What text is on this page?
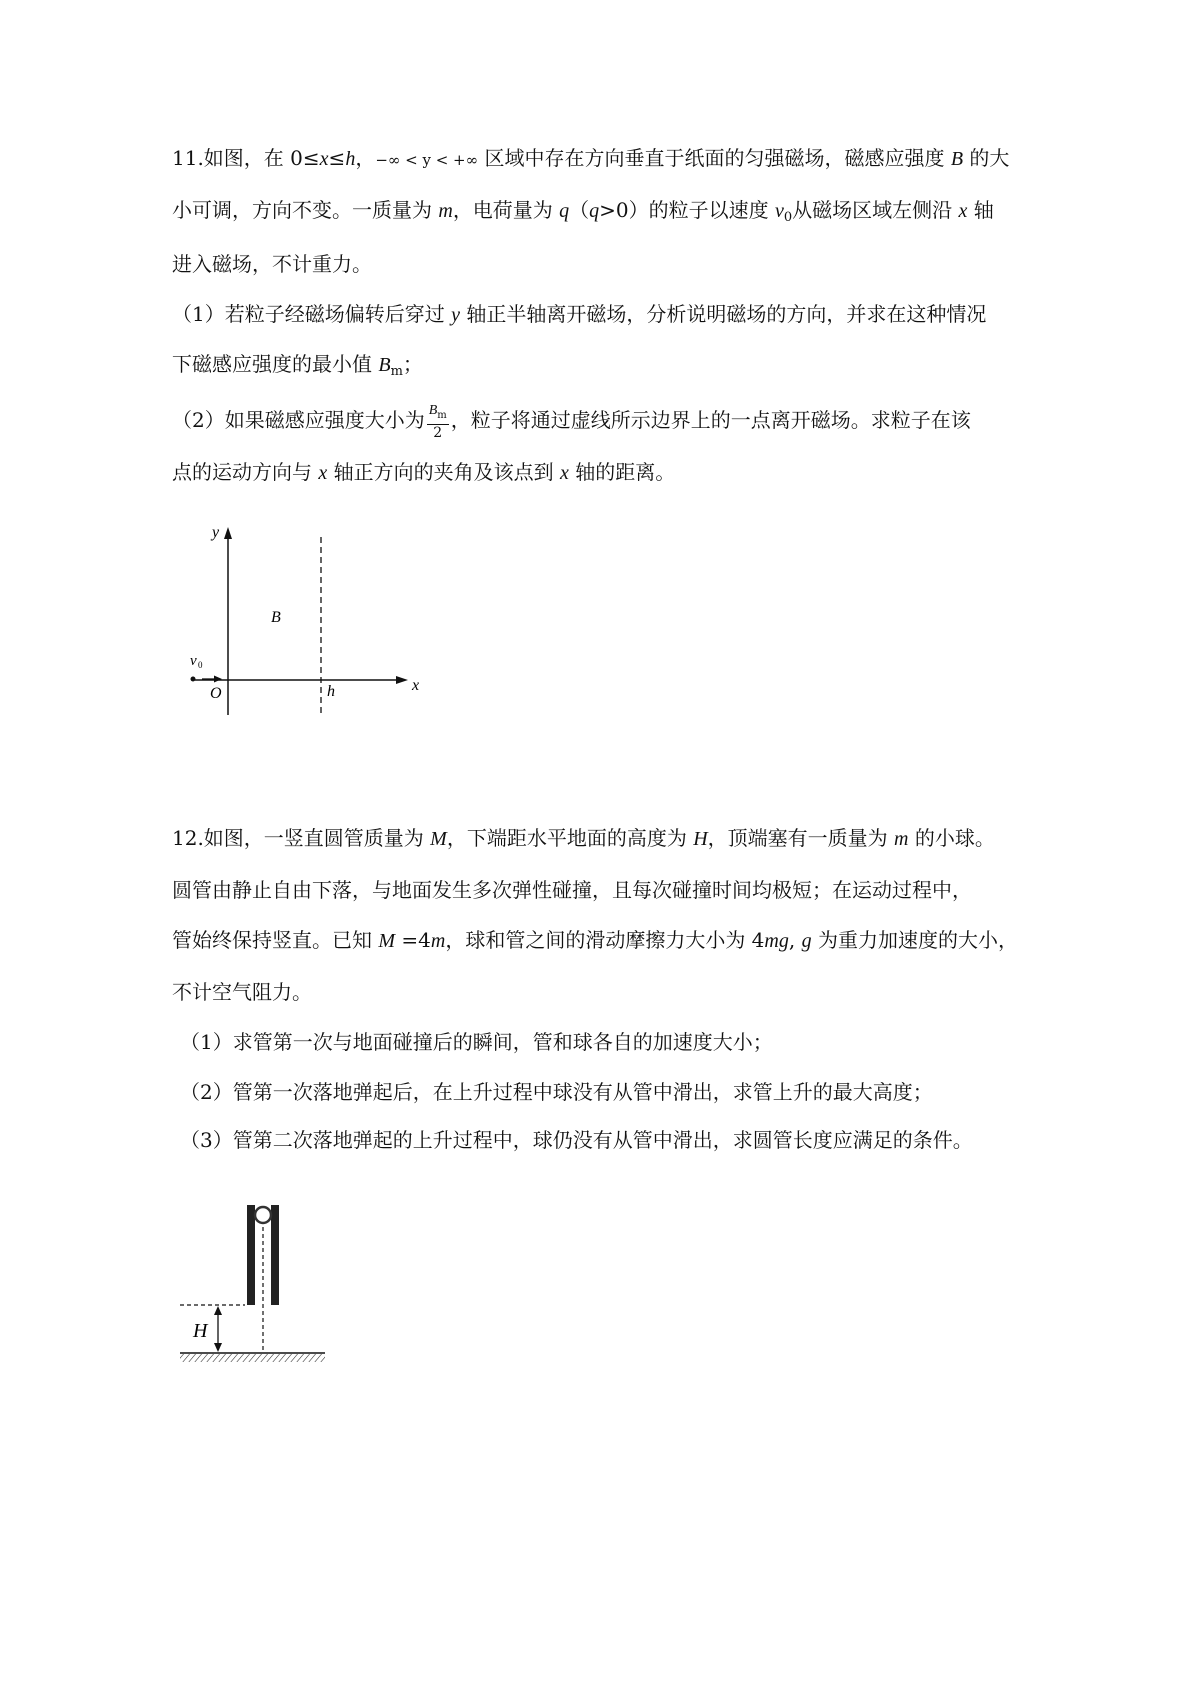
11.如图，在 0≤x≤h，−∞ < y < +∞ 区域中存在方向垂直于纸面的匀强磁场，磁感应强度 B 的大
小可调，方向不变。一质量为 m，电荷量为 q（q>0）的粒子以速度 $v_0$从磁场区域左侧沿 x 轴
进入磁场，不计重力。
（1）若粒子经磁场偏转后穿过 y 轴正半轴离开磁场，分析说明磁场的方向，并求在这种情况
下磁感应强度的最小值 $B_m$；
（2）如果磁感应强度大小为 $\frac{B_m}{2}$ ，粒子将通过虚线所示边界上的一点离开磁场。求粒子在该
点的运动方向与 x 轴正方向的夹角及该点到 x 轴的距离。
y
x
B
v 0
O	h
12.如图，一竖直圆管质量为 M，下端距水平地面的高度为 H，顶端塞有一质量为 m 的小球。
圆管由静止自由下落，与地面发生多次弹性碰撞，且每次碰撞时间均极短；在运动过程中，
管始终保持竖直。已知 M =4m，球和管之间的滑动摩擦力大小为 4mg, g 为重力加速度的大小，
不计空气阻力。
（1）求管第一次与地面碰撞后的瞬间，管和球各自的加速度大小；
（2）管第一次落地弹起后，在上升过程中球没有从管中滑出，求管上升的最大高度；
（3）管第二次落地弹起的上升过程中，球仍没有从管中滑出，求圆管长度应满足的条件。
H
